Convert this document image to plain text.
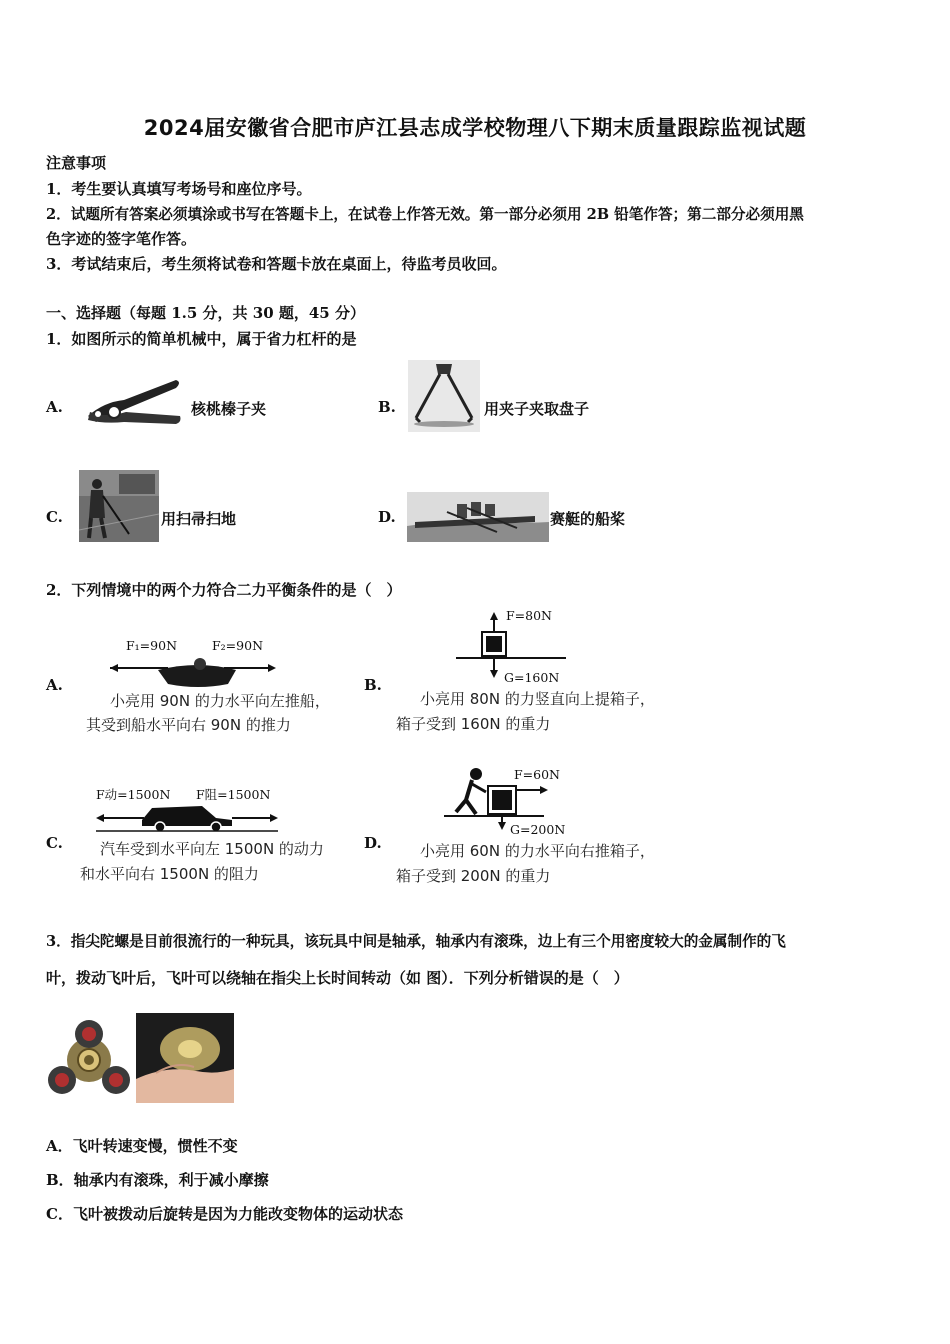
2024届安徽省合肥市庐江县志成学校物理八下期末质量跟踪监视试题
注意事项
1．考生要认真填写考场号和座位序号。
2．试题所有答案必须填涂或书写在答题卡上，在试卷上作答无效。第一部分必须用 2B 铅笔作答；第二部分必须用黑
色字迹的签字笔作答。
3．考试结束后，考生须将试卷和答题卡放在桌面上，待监考员收回。
一、选择题（每题 1.5 分，共 30 题，45 分）
1．如图所示的简单机械中，属于省力杠杆的是
A.	核桃榛子夹	B.	用夹子夹取盘子
C.	用扫帚扫地	D.	赛艇的船桨
2．下列情境中的两个力符合二力平衡条件的是（　）
A.
F₁=90N	F₂=90N
小亮用 90N 的力水平向左推船，
其受到船水平向右 90N 的推力
B.
F=80N
G=160N
小亮用 80N 的力竖直向上提箱子，
箱子受到 160N 的重力
C.
F动=1500N F阻=1500N
汽车受到水平向左 1500N 的动力
和水平向右 1500N 的阻力
D.
F=60N
G=200N
小亮用 60N 的力水平向右推箱子，
箱子受到 200N 的重力
3．指尖陀螺是目前很流行的一种玩具，该玩具中间是轴承，轴承内有滚珠，边上有三个用密度较大的金属制作的飞
叶，拨动飞叶后，飞叶可以绕轴在指尖上长时间转动（如 图）．下列分析错误的是（　）
A．飞叶转速变慢，惯性不变
B．轴承内有滚珠，利于减小摩擦
C．飞叶被拨动后旋转是因为力能改变物体的运动状态
